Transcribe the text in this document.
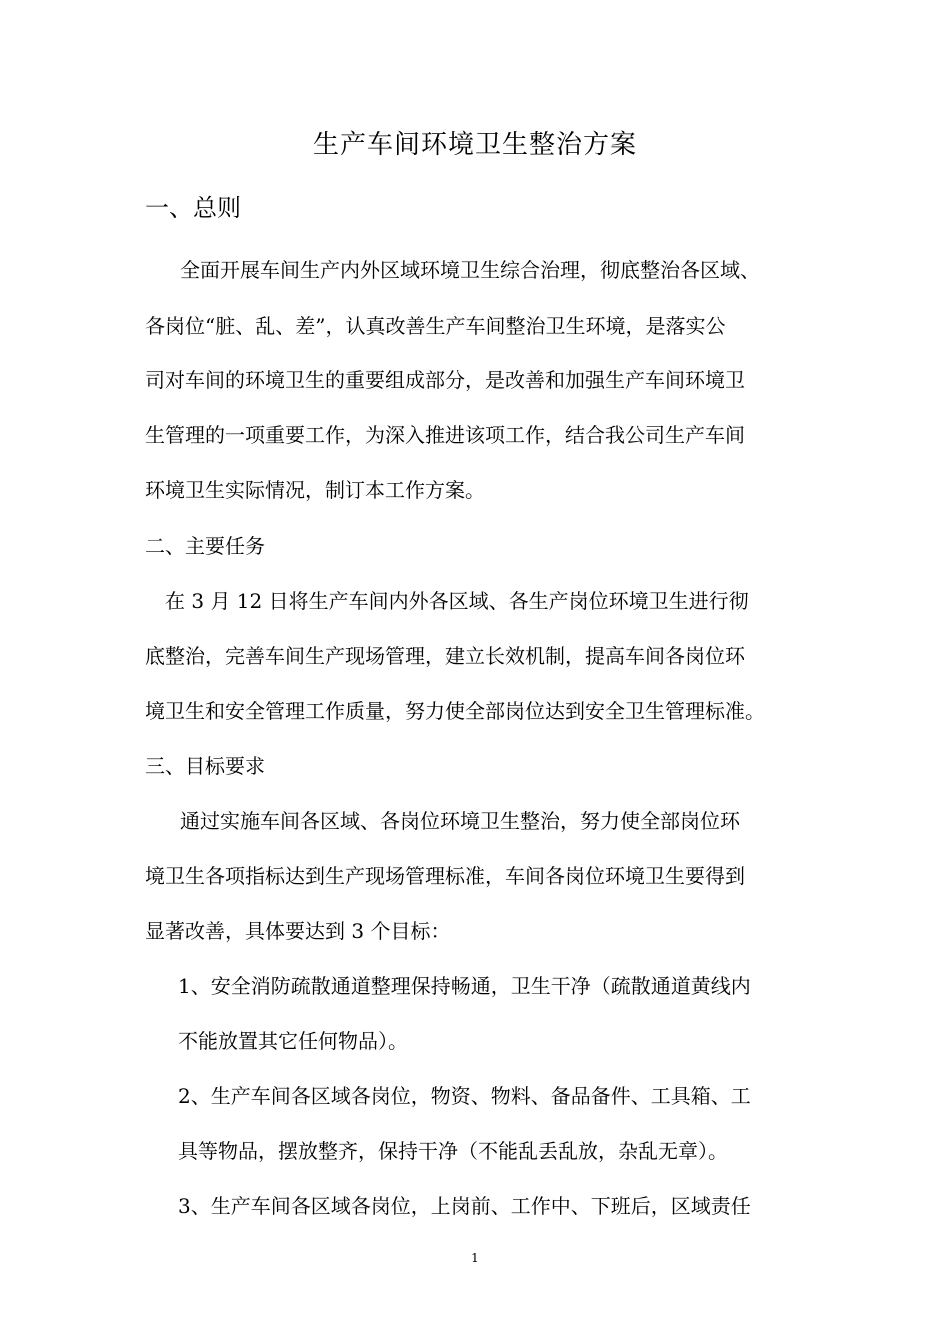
生产车间环境卫生整治方案
一、总则
全面开展车间生产内外区域环境卫生综合治理，彻底整治各区域、
各岗位“脏、乱、差”，认真改善生产车间整治卫生环境，是落实公
司对车间的环境卫生的重要组成部分，是改善和加强生产车间环境卫
生管理的一项重要工作，为深入推进该项工作，结合我公司生产车间
环境卫生实际情况，制订本工作方案。
二、主要任务
在 3 月 12 日将生产车间内外各区域、各生产岗位环境卫生进行彻
底整治，完善车间生产现场管理，建立长效机制，提高车间各岗位环
境卫生和安全管理工作质量，努力使全部岗位达到安全卫生管理标准。
三、目标要求
通过实施车间各区域、各岗位环境卫生整治，努力使全部岗位环
境卫生各项指标达到生产现场管理标准，车间各岗位环境卫生要得到
显著改善，具体要达到 3 个目标：
1、安全消防疏散通道整理保持畅通，卫生干净（疏散通道黄线内
不能放置其它任何物品）。
2、生产车间各区域各岗位，物资、物料、备品备件、工具箱、工
具等物品，摆放整齐，保持干净（不能乱丢乱放，杂乱无章）。
3、生产车间各区域各岗位，上岗前、工作中、下班后，区域责任
1
